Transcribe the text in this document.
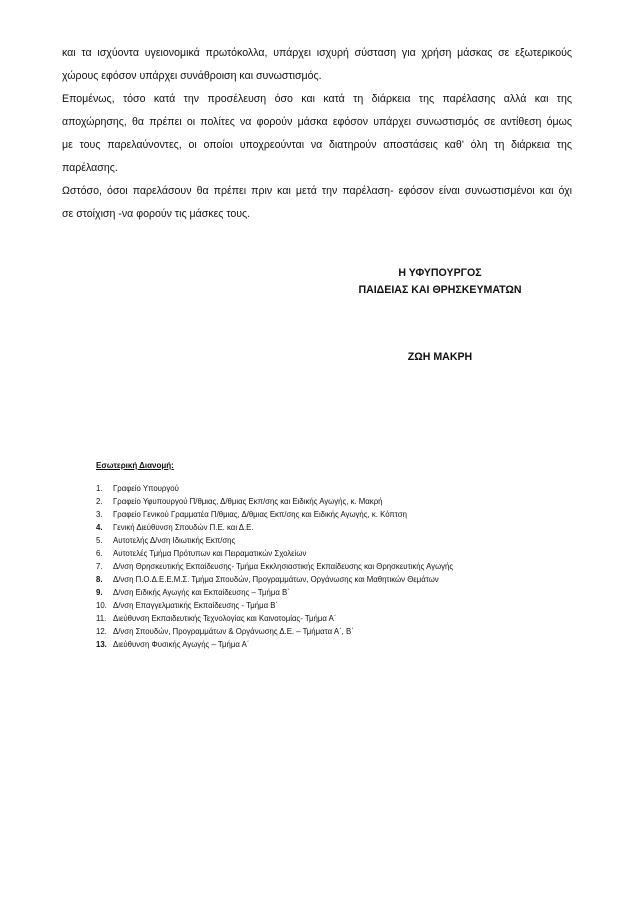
και τα ισχύοντα υγειονομικά πρωτόκολλα, υπάρχει ισχυρή σύσταση για χρήση μάσκας σε εξωτερικούς
χώρους εφόσον υπάρχει συνάθροιση και συνωστισμός.
Επομένως, τόσο κατά την προσέλευση όσο και κατά τη διάρκεια της παρέλασης αλλά και της
αποχώρησης, θα πρέπει οι πολίτες να φορούν μάσκα εφόσον υπάρχει συνωστισμός σε αντίθεση όμως
με τους παρελαύνοντες, οι οποίοι υποχρεούνται να διατηρούν αποστάσεις καθ' όλη τη διάρκεια της
παρέλασης.
Ωστόσο, όσοι παρελάσουν θα πρέπει πριν και μετά την παρέλαση- εφόσον είναι συνωστισμένοι και όχι
σε στοίχιση -να φορούν τις μάσκες τους.
Η ΥΦΥΠΟΥΡΓΟΣ
ΠΑΙΔΕΙΑΣ ΚΑΙ ΘΡΗΣΚΕΥΜΑΤΩΝ
ΖΩΗ ΜΑΚΡΗ
Εσωτερική Διανομή:
1.	Γραφείο Υπουργού
2.	Γραφείο Υφυπουργού Π/θμιας, Δ/θμιας Εκπ/σης και Ειδικής Αγωγής, κ. Μακρή
3.	Γραφείο Γενικού Γραμματέα Π/θμιας, Δ/θμιας Εκπ/σης και Ειδικής Αγωγής, κ. Κόπτση
4.	Γενική Διεύθυνση Σπουδών Π.Ε. και Δ.Ε.
5.	Αυτοτελής Δ/νση Ιδιωτικής Εκπ/σης
6.	Αυτοτελές Τμήμα Πρότυπων και Πειραματικών Σχολείων
7.	Δ/νση Θρησκευτικής Εκπαίδευσης- Τμήμα Εκκλησιαστικής Εκπαίδευσης και Θρησκευτικής Αγωγής
8.	Δ/νση Π.Ο.Δ.Ε.Ε.Μ.Σ. Τμήμα Σπουδών, Προγραμμάτων, Οργάνωσης και Μαθητικών Θεμάτων
9.	Δ/νση Ειδικής Αγωγής και Εκπαίδευσης – Τμήμα Β΄
10. Δ/νση Επαγγελματικής Εκπαίδευσης - Τμήμα Β΄
11. Διεύθυνση Εκπαιδευτικής Τεχνολογίας και Καινοτομίας- Τμήμα Α΄
12. Δ/νση Σπουδών, Προγραμμάτων & Οργάνωσης Δ.Ε. – Τμήματα Α΄, Β΄
13. Διεύθυνση Φυσικής Αγωγής – Τμήμα Α΄
